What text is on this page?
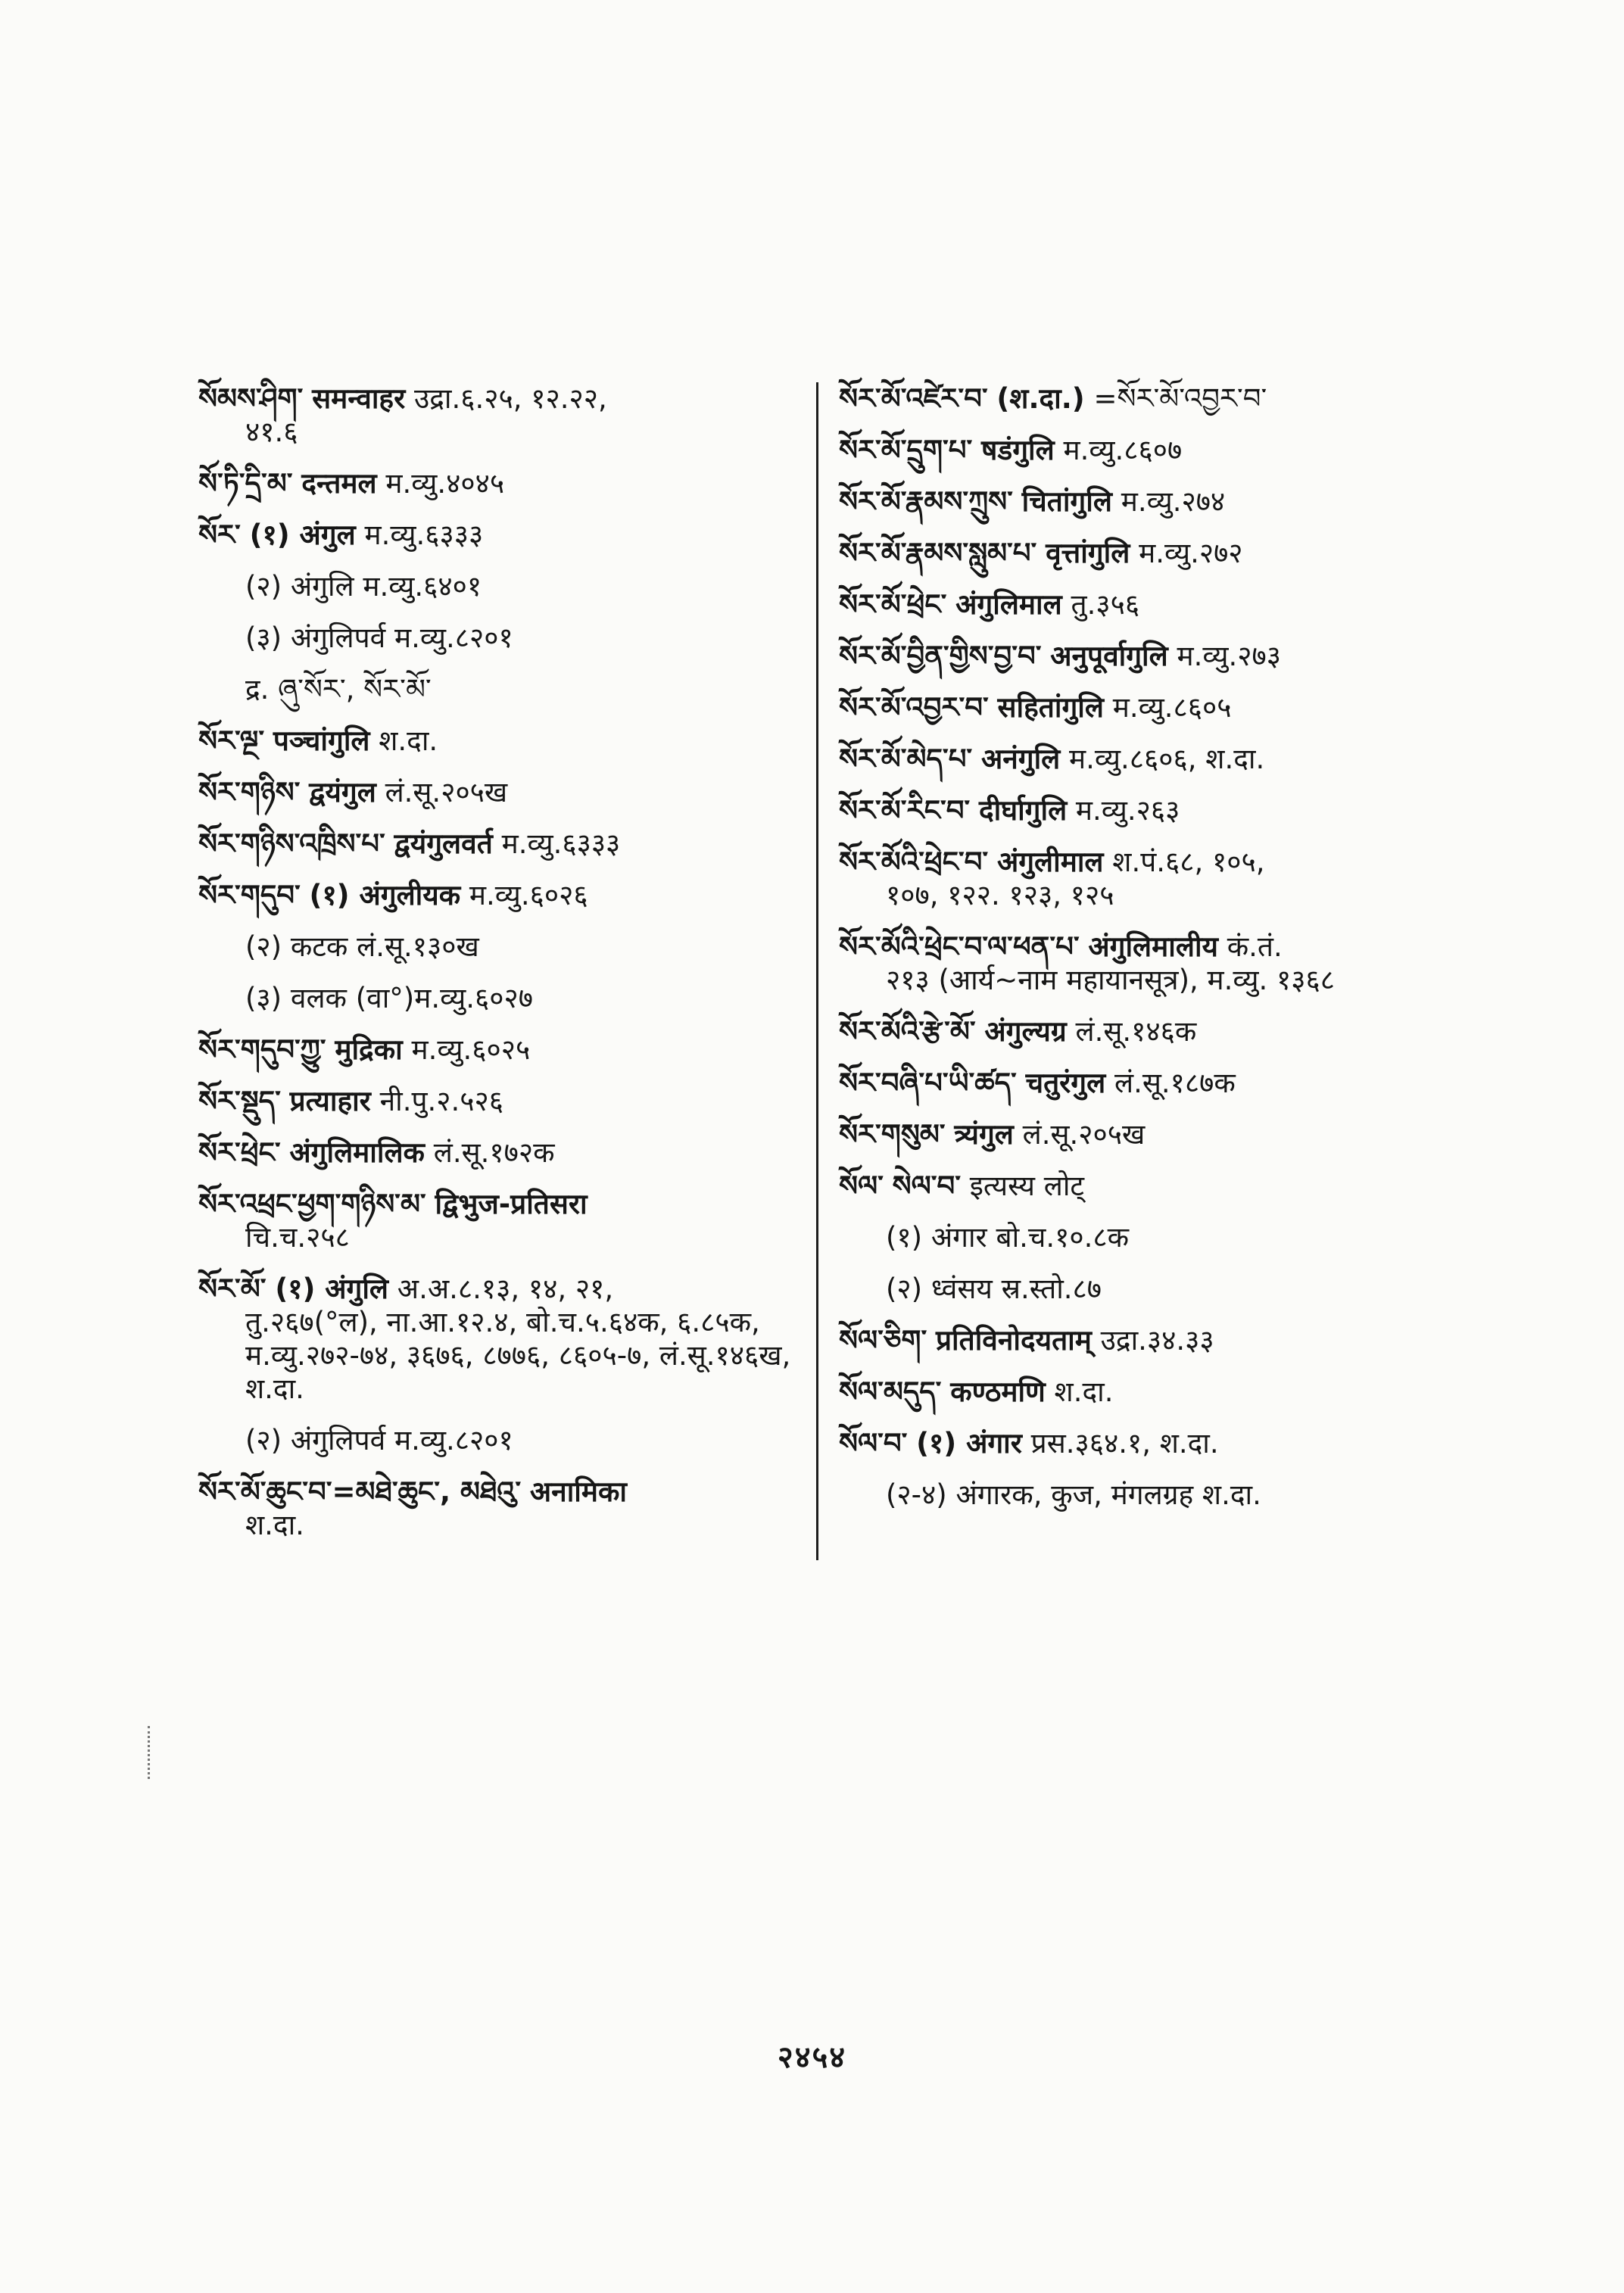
སོམས་ཤིག་ समन्वाहर उद्रा.६.२५, १२.२२,
४१.६
སོ་ཏི་དྲི་མ་ दन्तमल म.व्यु.४०४५
སོར་ (१) अंगुल म.व्यु.६३३३
(२) अंगुलि म.व्यु.६४०१
(३) अंगुलिपर्व म.व्यु.८२०१
द्र. ཞུ་སོར་, སོར་མོ་
སོར་ལྔ་ पञ्चांगुलि श.दा.
སོར་གཉིས་ द्वयंगुल लं.सू.२०५ख
སོར་གཉིས་འཁྲིས་པ་ द्वयंगुलवर्त म.व्यु.६३३३
སོར་གདུབ་ (१) अंगुलीयक म.व्यु.६०२६
(२) कटक लं.सू.१३०ख
(३) वलक (वा°)म.व्यु.६०२७
སོར་གདུབ་ཀྱུ་ मुद्रिका म.व्यु.६०२५
སོར་སྡུད་ प्रत्याहार नी.पु.२.५२६
སོར་ཕྲེང་ अंगुलिमालिक लं.सू.१७२क
སོར་འཕྲང་ཕྱག་གཉིས་མ་ द्विभुज-प्रतिसरा
चि.च.२५८
སོར་མོ་ (१) अंगुलि अ.अ.८.१३, १४, २१,
तु.२६७(°ल), ना.आ.१२.४, बो.च.५.६४क, ६.८५क, म.व्यु.२७२-७४, ३६७६, ८७७६, ८६०५-७, लं.सू.१४६ख, श.दा.
(२) अंगुलिपर्व म.व्यु.८२०१
སོར་མོ་ཆུང་བ་=མཐེ་ཆུང་, མཐེའུ་ अनामिका
श.दा.
སོར་མོ་འཛེར་བ་ (श.दा.) =སོར་མོ་འབྱར་བ་
སོར་མོ་དྲུག་པ་ षडंगुलि म.व्यु.८६०७
སོར་མོ་རྣམས་ཀྲུས་ चितांगुलि म.व्यु.२७४
སོར་མོ་རྣམས་སླུམ་པ་ वृत्तांगुलि म.व्यु.२७२
སོར་མོ་ཕྲེང་ अंगुलिमाल तु.३५६
སོར་མོ་བྱིན་གྱིས་བྱ་བ་ अनुपूर्वागुलि म.व्यु.२७३
སོར་མོ་འབྱར་བ་ सहितांगुलि म.व्यु.८६०५
སོར་མོ་མེད་པ་ अनंगुलि म.व्यु.८६०६, श.दा.
སོར་མོ་རིང་བ་ दीर्घागुलि म.व्यु.२६३
སོར་མོའི་ཕྲེང་བ་ अंगुलीमाल श.पं.६८, १०५,
१०७, १२२. १२३, १२५
སོར་མོའི་ཕྲེང་བ་ལ་ཕན་པ་ अंगुलिमालीय कं.तं.
२१३ (आर्य~नाम महायानसूत्र), म.व्यु. १३६८
སོར་མོའི་རྩེ་མོ་ अंगुल्यग्र लं.सू.१४६क
སོར་བཞི་པ་ཡི་ཚད་ चतुरंगुल लं.सू.१८७क
སོར་གསུམ་ त्र्यंगुल लं.सू.२०५ख
སོལ་ སེལ་བ་ इत्यस्य लोट्
(१) अंगार बो.च.१०.८क
(२) ध्वंसय स्र.स्तो.८७
སོལ་ཅིག་ प्रतिविनोदयताम् उद्रा.३४.३३
སོལ་མདུད་ कण्ठमणि श.दा.
སོལ་བ་ (१) अंगार प्रस.३६४.१, श.दा.
(२-४) अंगारक, कुज, मंगलग्रह श.दा.
२४५४
